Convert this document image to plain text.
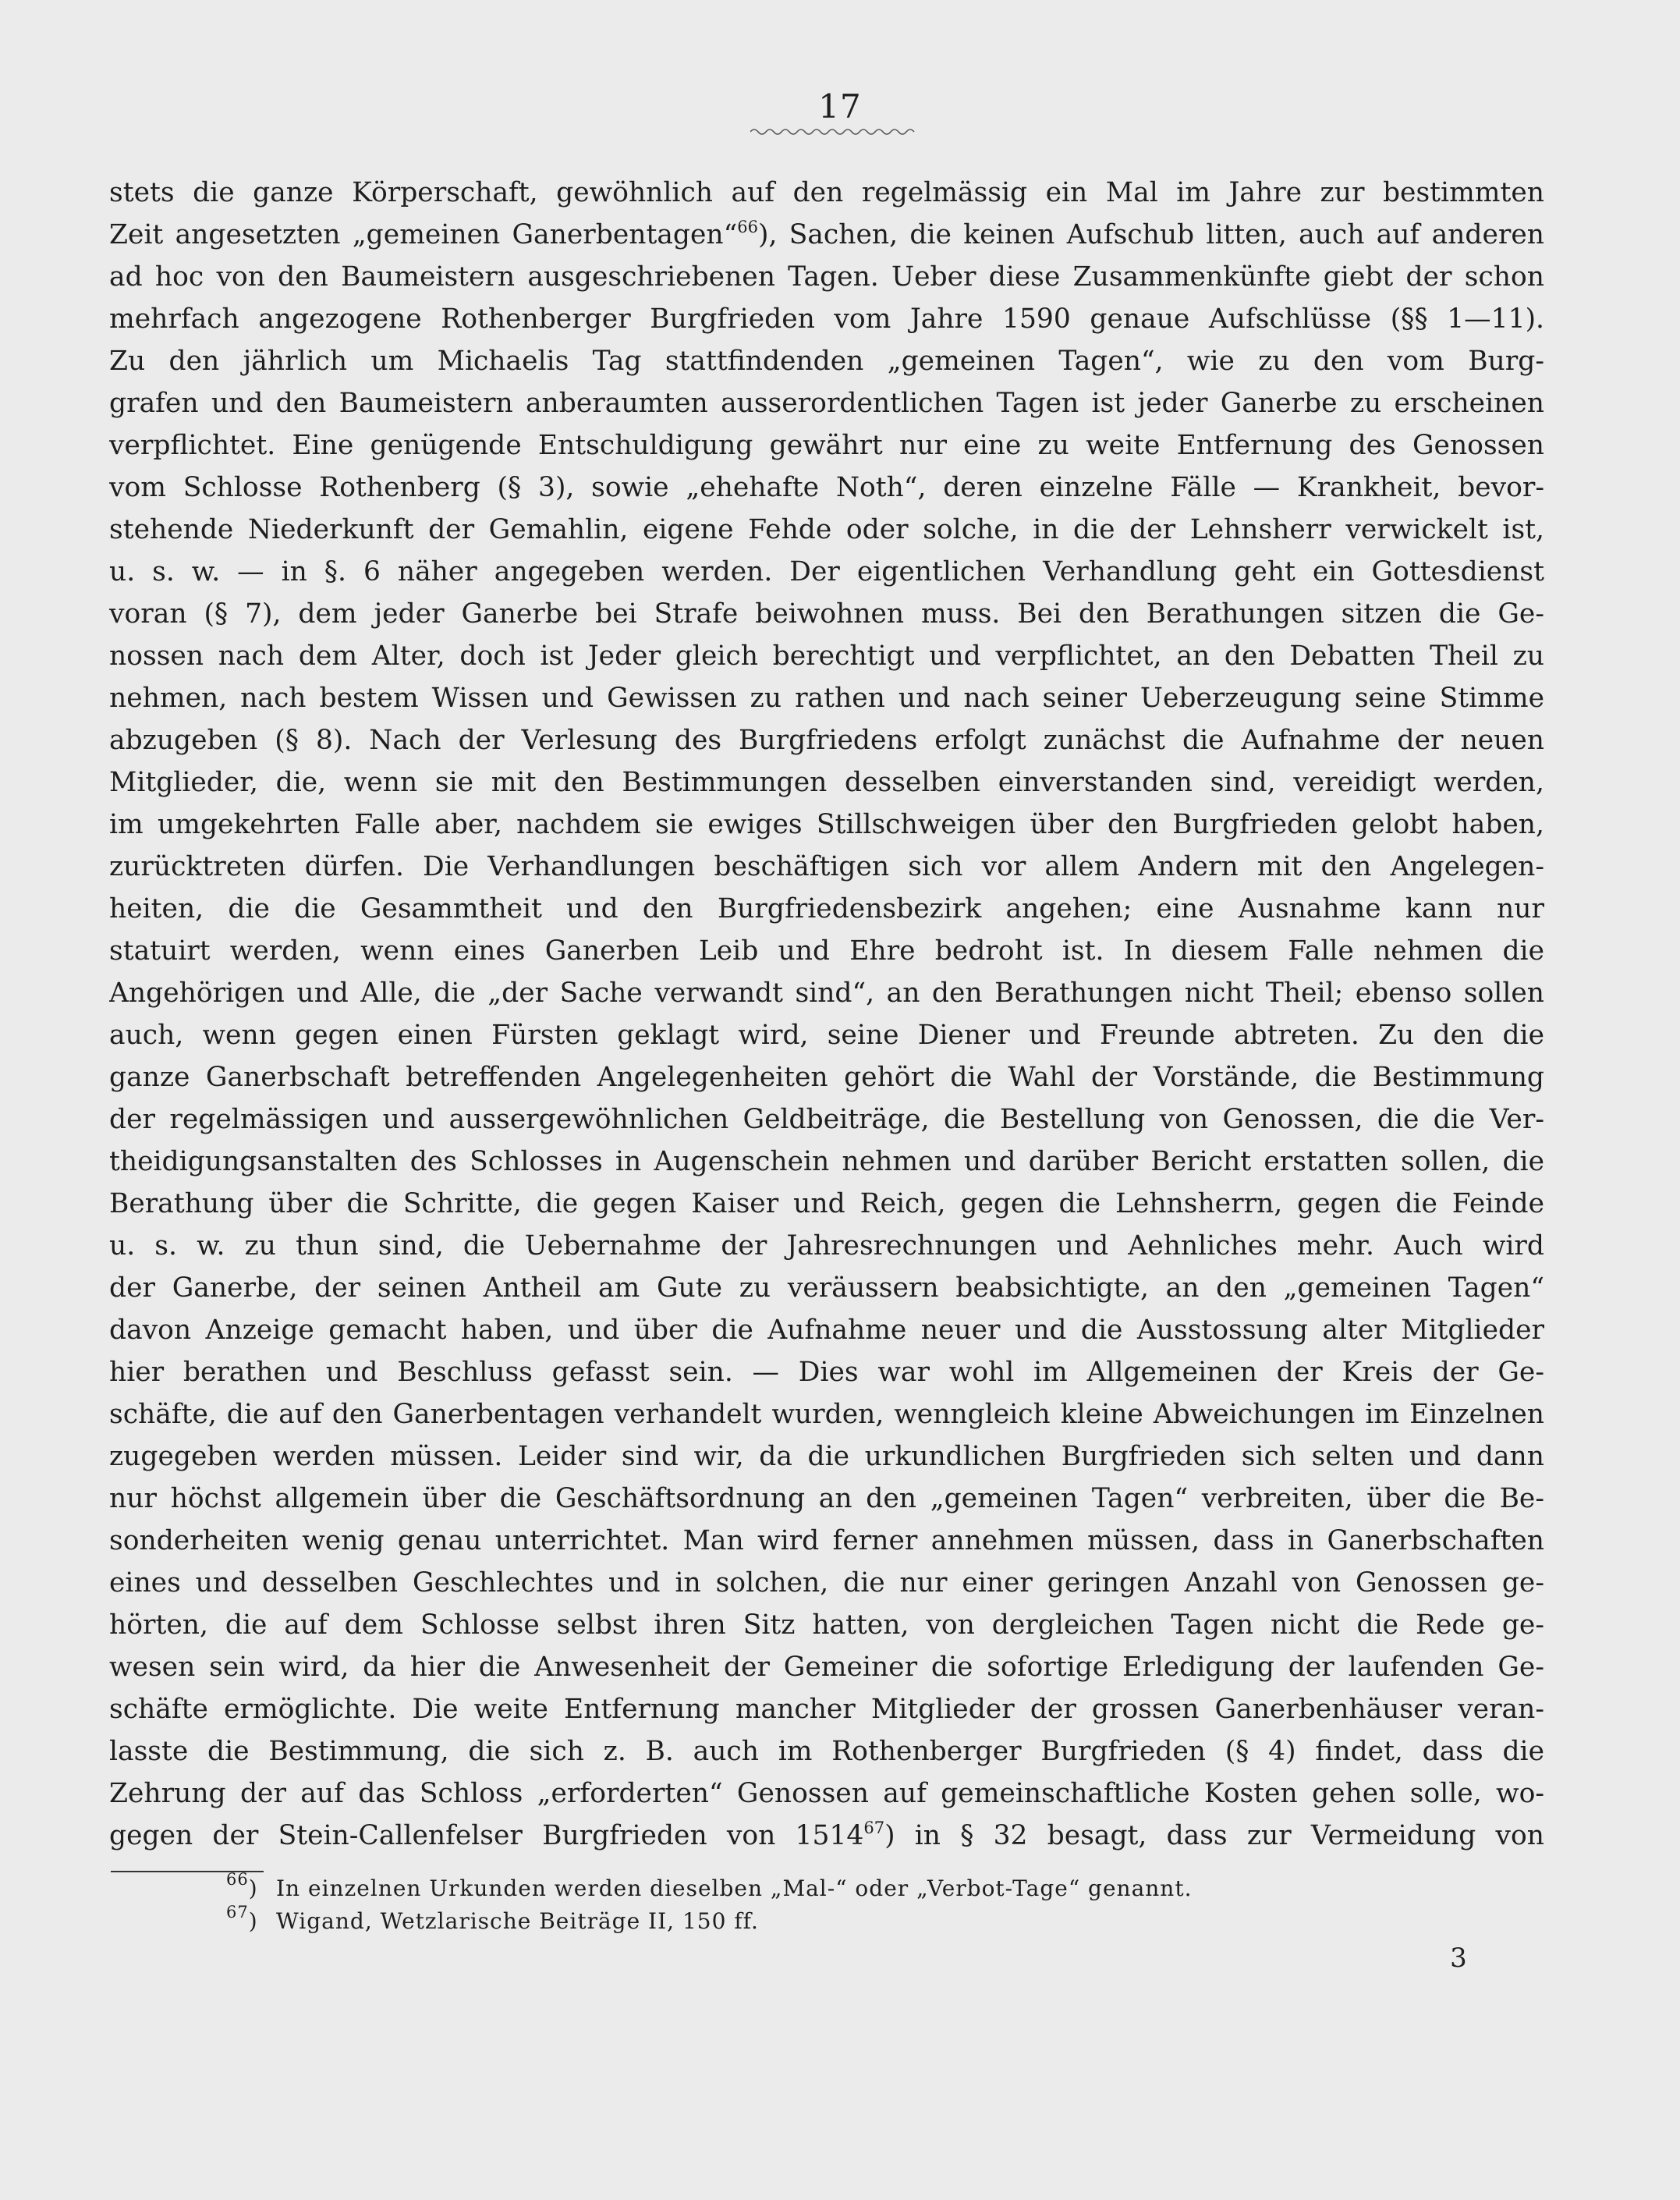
17
stets die ganze Körperschaft, gewöhnlich auf den regelmässig ein Mal im Jahre zur bestimmten
Zeit angesetzten „gemeinen Ganerbentagen“$^{66}$), Sachen, die keinen Aufschub litten, auch auf anderen
ad hoc von den Baumeistern ausgeschriebenen Tagen. Ueber diese Zusammenkünfte giebt der schon
mehrfach angezogene Rothenberger Burgfrieden vom Jahre 1590 genaue Aufschlüsse (§§ 1—11).
Zu den jährlich um Michaelis Tag stattfindenden „gemeinen Tagen“, wie zu den vom Burg-
grafen und den Baumeistern anberaumten ausserordentlichen Tagen ist jeder Ganerbe zu erscheinen
verpflichtet. Eine genügende Entschuldigung gewährt nur eine zu weite Entfernung des Genossen
vom Schlosse Rothenberg (§ 3), sowie „ehehafte Noth“, deren einzelne Fälle — Krankheit, bevor-
stehende Niederkunft der Gemahlin, eigene Fehde oder solche, in die der Lehnsherr verwickelt ist,
u. s. w. — in §. 6 näher angegeben werden. Der eigentlichen Verhandlung geht ein Gottesdienst
voran (§ 7), dem jeder Ganerbe bei Strafe beiwohnen muss. Bei den Berathungen sitzen die Ge-
nossen nach dem Alter, doch ist Jeder gleich berechtigt und verpflichtet, an den Debatten Theil zu
nehmen, nach bestem Wissen und Gewissen zu rathen und nach seiner Ueberzeugung seine Stimme
abzugeben (§ 8). Nach der Verlesung des Burgfriedens erfolgt zunächst die Aufnahme der neuen
Mitglieder, die, wenn sie mit den Bestimmungen desselben einverstanden sind, vereidigt werden,
im umgekehrten Falle aber, nachdem sie ewiges Stillschweigen über den Burgfrieden gelobt haben,
zurücktreten dürfen. Die Verhandlungen beschäftigen sich vor allem Andern mit den Angelegen-
heiten, die die Gesammtheit und den Burgfriedensbezirk angehen; eine Ausnahme kann nur
statuirt werden, wenn eines Ganerben Leib und Ehre bedroht ist. In diesem Falle nehmen die
Angehörigen und Alle, die „der Sache verwandt sind“, an den Berathungen nicht Theil; ebenso sollen
auch, wenn gegen einen Fürsten geklagt wird, seine Diener und Freunde abtreten. Zu den die
ganze Ganerbschaft betreffenden Angelegenheiten gehört die Wahl der Vorstände, die Bestimmung
der regelmässigen und aussergewöhnlichen Geldbeiträge, die Bestellung von Genossen, die die Ver-
theidigungsanstalten des Schlosses in Augenschein nehmen und darüber Bericht erstatten sollen, die
Berathung über die Schritte, die gegen Kaiser und Reich, gegen die Lehnsherrn, gegen die Feinde
u. s. w. zu thun sind, die Uebernahme der Jahresrechnungen und Aehnliches mehr. Auch wird
der Ganerbe, der seinen Antheil am Gute zu veräussern beabsichtigte, an den „gemeinen Tagen“
davon Anzeige gemacht haben, und über die Aufnahme neuer und die Ausstossung alter Mitglieder
hier berathen und Beschluss gefasst sein. — Dies war wohl im Allgemeinen der Kreis der Ge-
schäfte, die auf den Ganerbentagen verhandelt wurden, wenngleich kleine Abweichungen im Einzelnen
zugegeben werden müssen. Leider sind wir, da die urkundlichen Burgfrieden sich selten und dann
nur höchst allgemein über die Geschäftsordnung an den „gemeinen Tagen“ verbreiten, über die Be-
sonderheiten wenig genau unterrichtet. Man wird ferner annehmen müssen, dass in Ganerbschaften
eines und desselben Geschlechtes und in solchen, die nur einer geringen Anzahl von Genossen ge-
hörten, die auf dem Schlosse selbst ihren Sitz hatten, von dergleichen Tagen nicht die Rede ge-
wesen sein wird, da hier die Anwesenheit der Gemeiner die sofortige Erledigung der laufenden Ge-
schäfte ermöglichte. Die weite Entfernung mancher Mitglieder der grossen Ganerbenhäuser veran-
lasste die Bestimmung, die sich z. B. auch im Rothenberger Burgfrieden (§ 4) findet, dass die
Zehrung der auf das Schloss „erforderten“ Genossen auf gemeinschaftliche Kosten gehen solle, wo-
gegen der Stein-Callenfelser Burgfrieden von 1514$^{67}$) in § 32 besagt, dass zur Vermeidung von
$^{66}$) In einzelnen Urkunden werden dieselben „Mal-“ oder „Verbot-Tage“ genannt.
$^{67}$) Wigand, Wetzlarische Beiträge II, 150 ff.
3
